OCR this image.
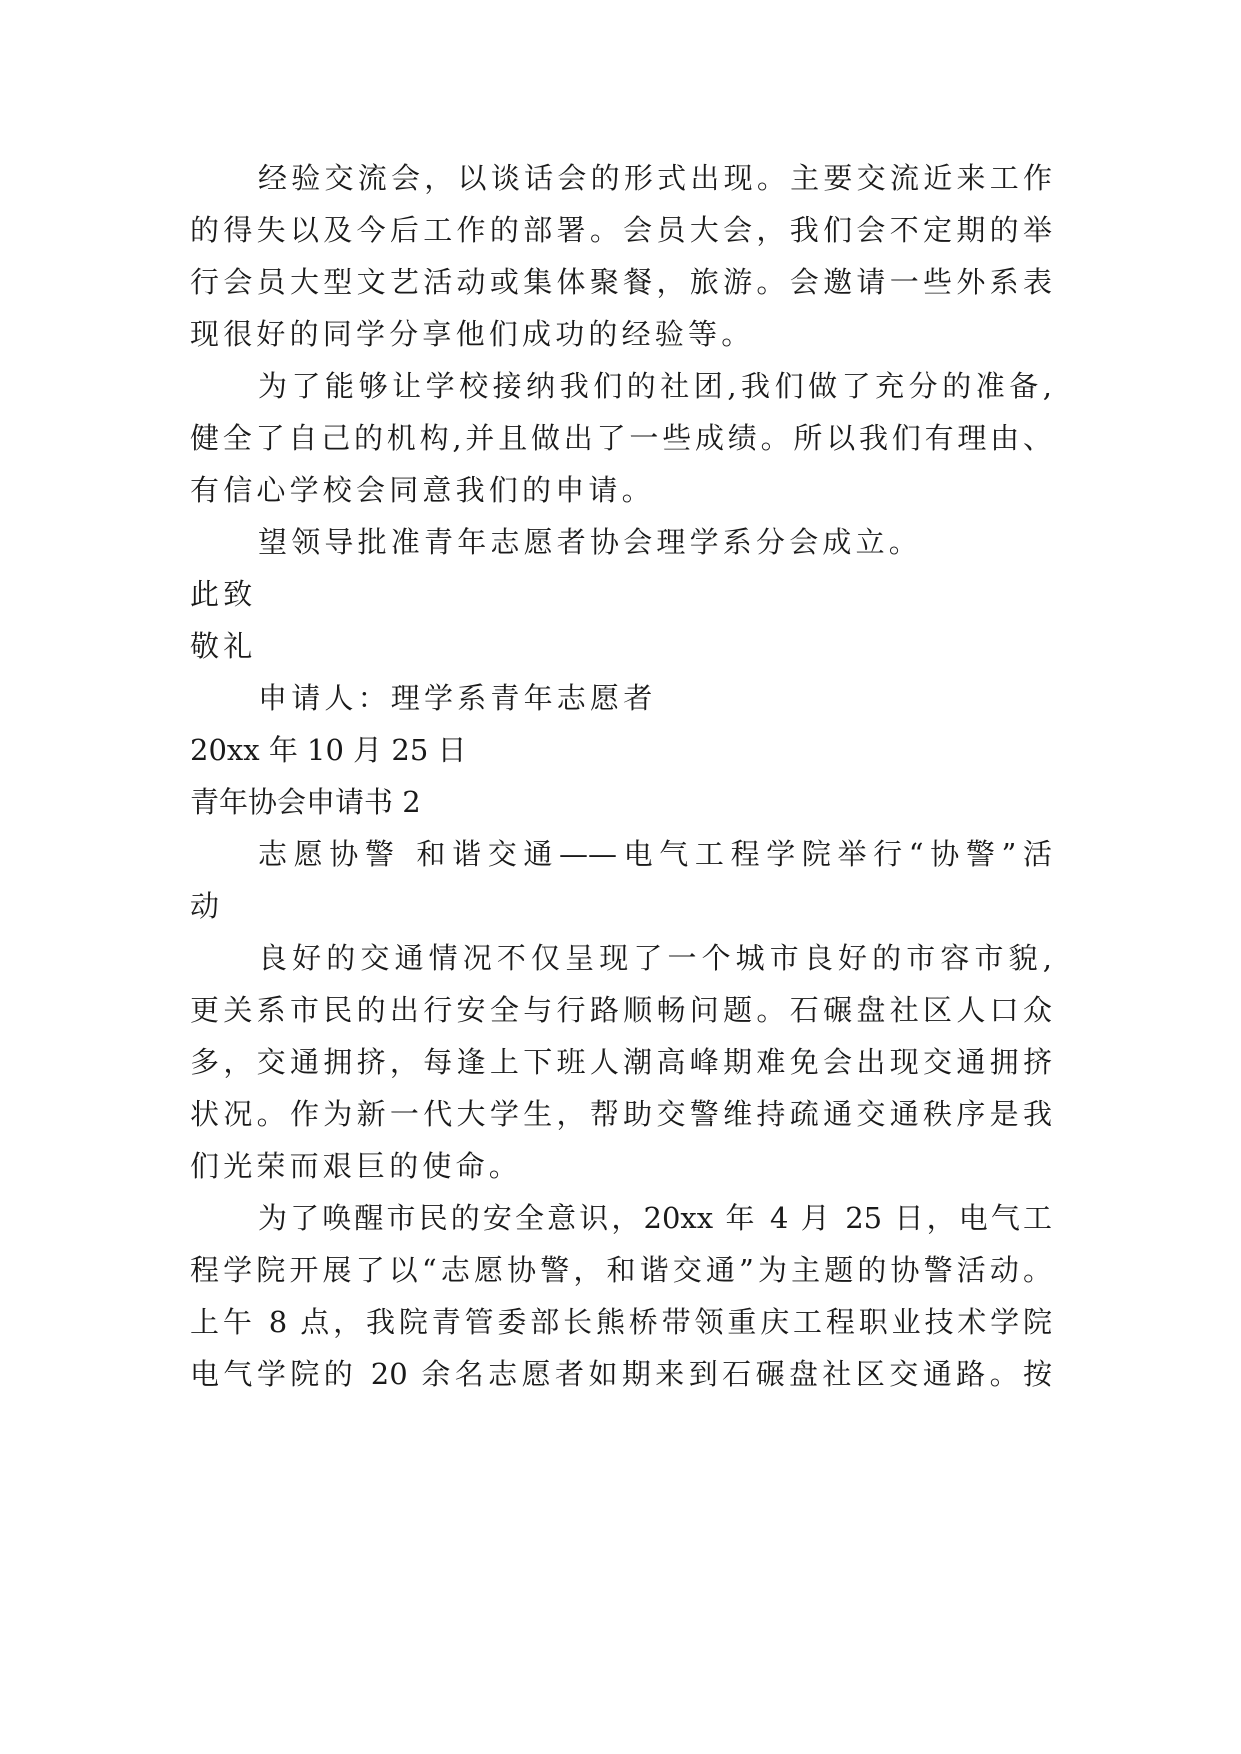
经验交流会，以谈话会的形式出现。主要交流近来工作
的得失以及今后工作的部署。会员大会，我们会不定期的举
行会员大型文艺活动或集体聚餐，旅游。会邀请一些外系表
现很好的同学分享他们成功的经验等。
为了能够让学校接纳我们的社团,我们做了充分的准备,
健全了自己的机构,并且做出了一些成绩。所以我们有理由、
有信心学校会同意我们的申请。
望领导批准青年志愿者协会理学系分会成立。
此致
敬礼
申请人：理学系青年志愿者
20xx 年 10 月 25 日
青年协会申请书 2
志愿协警 和谐交通——电气工程学院举行“协警”活
动
良好的交通情况不仅呈现了一个城市良好的市容市貌,
更关系市民的出行安全与行路顺畅问题。石碾盘社区人口众
多，交通拥挤，每逢上下班人潮高峰期难免会出现交通拥挤
状况。作为新一代大学生，帮助交警维持疏通交通秩序是我
们光荣而艰巨的使命。
为了唤醒市民的安全意识，20xx 年 4 月 25 日，电气工
程学院开展了以“志愿协警，和谐交通”为主题的协警活动。
上午 8 点，我院青管委部长熊桥带领重庆工程职业技术学院
电气学院的 20 余名志愿者如期来到石碾盘社区交通路。按
